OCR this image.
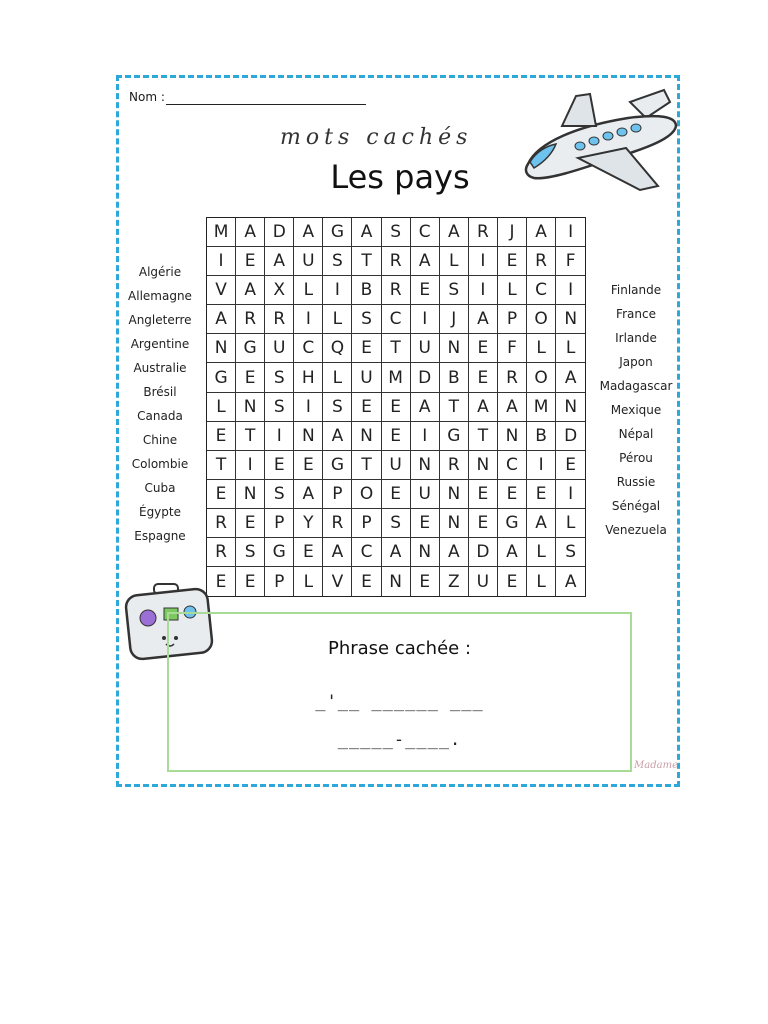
Nom :
mots cachés
Les pays
M A D A G A	S	C	A	R	J	A	I
I	E	A	U	S	T	R	A	L	I	E	R	F
V	A	X	L	I	B	R	E	S	I	L	C	I
A	R	R	I	L	S	C	I	J	A	P	O N
N G U C Q	E	T	U N	E	F	L	L
G	E	S	H	L	U M D B	E	R O	A
L	N	S	I	S	E	E	A	T	A	A M N
E	T	I	N A N	E	I	G	T	N B	D
T	I	E	E	G	T	U N R N C	I	E
E	N	S	A	P	O	E	U N	E	E	E	I
R	E	P	Y	R	P	S	E	N	E	G A	L
R	S	G	E	A	C	A N A D A	L	S
E	E	P	L	V	E	N	E	Z	U	E	L	A
Algérie
Allemagne
Angleterre
Argentine
Australie
Brésil
Canada
Chine
Colombie
Cuba
Égypte
Espagne
Finlande
France
Irlande
Japon
Madagascar
Mexique
Népal
Pérou
Russie
Sénégal
Venezuela
Phrase cachée :
_'__ ______ ___
_____-____.
Madame
